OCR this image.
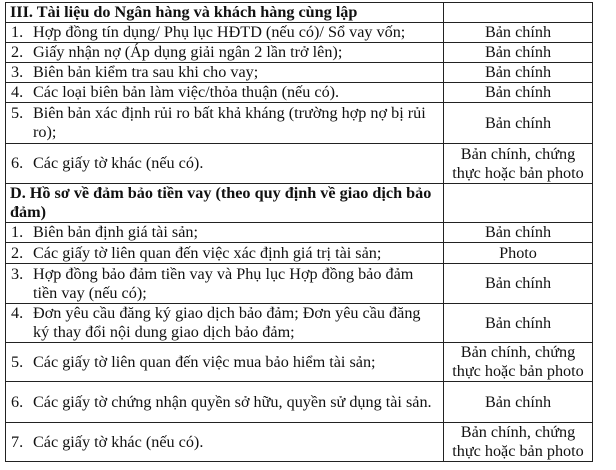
III. Tài liệu do Ngân hàng và khách hàng cùng lập	

1. Hợp đồng tín dụng/ Phụ lục HĐTD (nếu có)/ Sổ vay vốn;	Bản chính

2. Giấy nhận nợ (Áp dụng giải ngân 2 lần trở lên);	Bản chính

3. Biên bản kiểm tra sau khi cho vay;	Bản chính

4. Các loại biên bản làm việc/thỏa thuận (nếu có).	Bản chính

5. Biên bản xác định rủi ro bất khả kháng (trường hợp nợ bị rủi ro);	Bản chính

6. Các giấy tờ khác (nếu có).	Bản chính, chứng thực hoặc bản photo
D. Hồ sơ về đảm bảo tiền vay (theo quy định về giao dịch bảo đảm)	

1. Biên bản định giá tài sản;	Bản chính

2. Các giấy tờ liên quan đến việc xác định giá trị tài sản;	Photo

3. Hợp đồng bảo đảm tiền vay và Phụ lục Hợp đồng bảo đảm tiền vay (nếu có);	Bản chính

4. Đơn yêu cầu đăng ký giao dịch bảo đảm; Đơn yêu cầu đăng ký thay đổi nội dung giao dịch bảo đảm;	Bản chính

5. Các giấy tờ liên quan đến việc mua bảo hiểm tài sản;	Bản chính, chứng thực hoặc bản photo

6. Các giấy tờ chứng nhận quyền sở hữu, quyền sử dụng tài sản.	Bản chính

7. Các giấy tờ khác (nếu có).	Bản chính, chứng thực hoặc bản photo
